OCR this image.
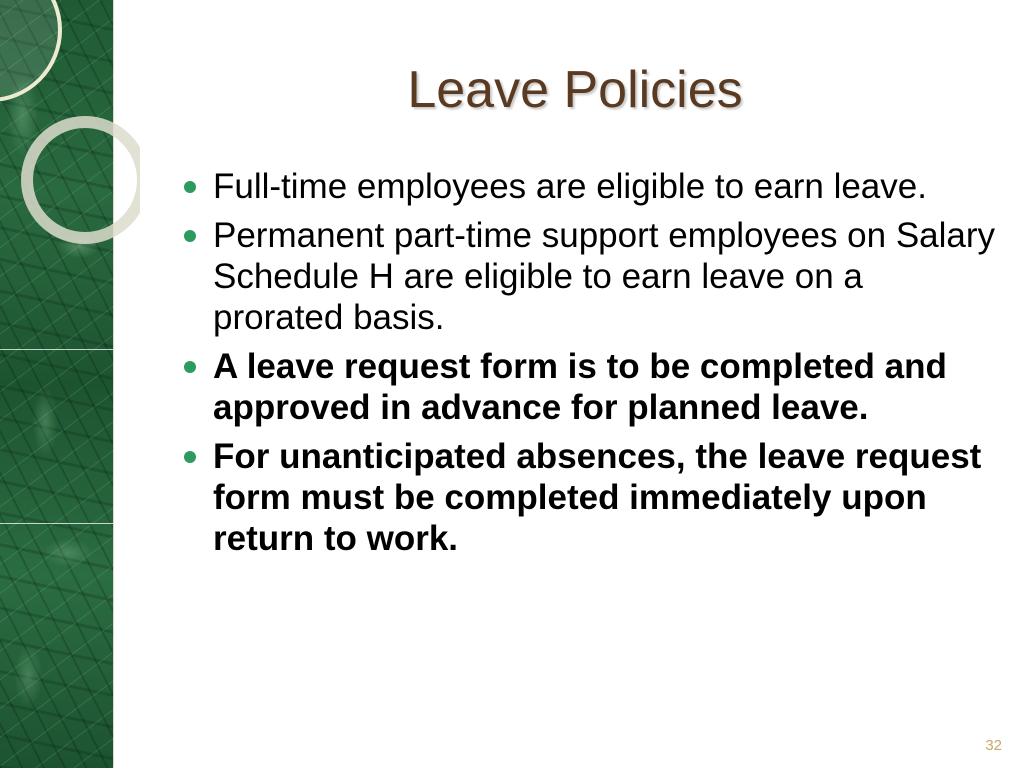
Leave Policies
Full-time employees are eligible to earn leave.
Permanent part-time support employees on Salary Schedule H are eligible to earn leave on a prorated basis.
A leave request form is to be completed and approved in advance for planned leave.
For unanticipated absences, the leave request form must be completed immediately upon return to work.
32
